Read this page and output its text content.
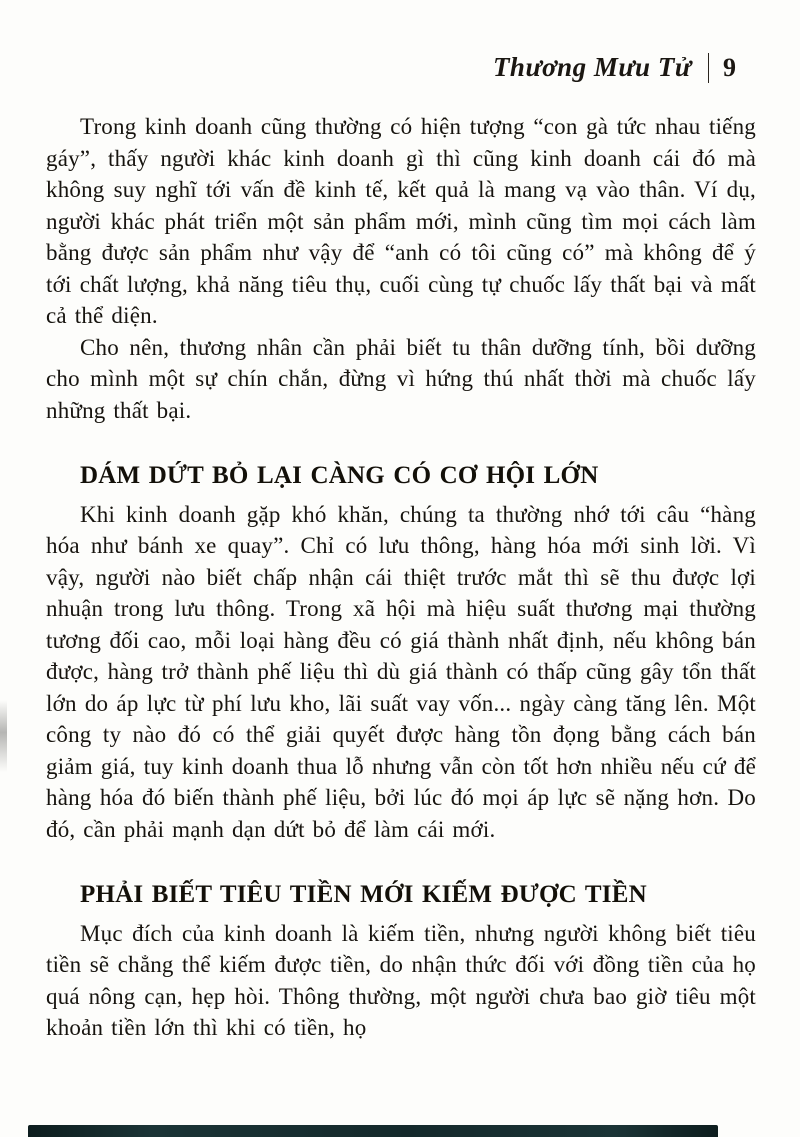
Thương Mưu Tử 9

Trong kinh doanh cũng thường có hiện tượng “con gà tức nhau tiếng gáy”, thấy người khác kinh doanh gì thì cũng kinh doanh cái đó mà không suy nghĩ tới vấn đề kinh tế, kết quả là mang vạ vào thân. Ví dụ, người khác phát triển một sản phẩm mới, mình cũng tìm mọi cách làm bằng được sản phẩm như vậy để “anh có tôi cũng có” mà không để ý tới chất lượng, khả năng tiêu thụ, cuối cùng tự chuốc lấy thất bại và mất cả thể diện.

Cho nên, thương nhân cần phải biết tu thân dưỡng tính, bồi dưỡng cho mình một sự chín chắn, đừng vì hứng thú nhất thời mà chuốc lấy những thất bại.

DÁM DỨT BỎ LẠI CÀNG CÓ CƠ HỘI LỚN

Khi kinh doanh gặp khó khăn, chúng ta thường nhớ tới câu “hàng hóa như bánh xe quay”. Chỉ có lưu thông, hàng hóa mới sinh lời. Vì vậy, người nào biết chấp nhận cái thiệt trước mắt thì sẽ thu được lợi nhuận trong lưu thông. Trong xã hội mà hiệu suất thương mại thường tương đối cao, mỗi loại hàng đều có giá thành nhất định, nếu không bán được, hàng trở thành phế liệu thì dù giá thành có thấp cũng gây tổn thất lớn do áp lực từ phí lưu kho, lãi suất vay vốn... ngày càng tăng lên. Một công ty nào đó có thể giải quyết được hàng tồn đọng bằng cách bán giảm giá, tuy kinh doanh thua lỗ nhưng vẫn còn tốt hơn nhiều nếu cứ để hàng hóa đó biến thành phế liệu, bởi lúc đó mọi áp lực sẽ nặng hơn. Do đó, cần phải mạnh dạn dứt bỏ để làm cái mới.

PHẢI BIẾT TIÊU TIỀN MỚI KIẾM ĐƯỢC TIỀN

Mục đích của kinh doanh là kiếm tiền, nhưng người không biết tiêu tiền sẽ chẳng thể kiếm được tiền, do nhận thức đối với đồng tiền của họ quá nông cạn, hẹp hòi. Thông thường, một người chưa bao giờ tiêu một khoản tiền lớn thì khi có tiền, họ
